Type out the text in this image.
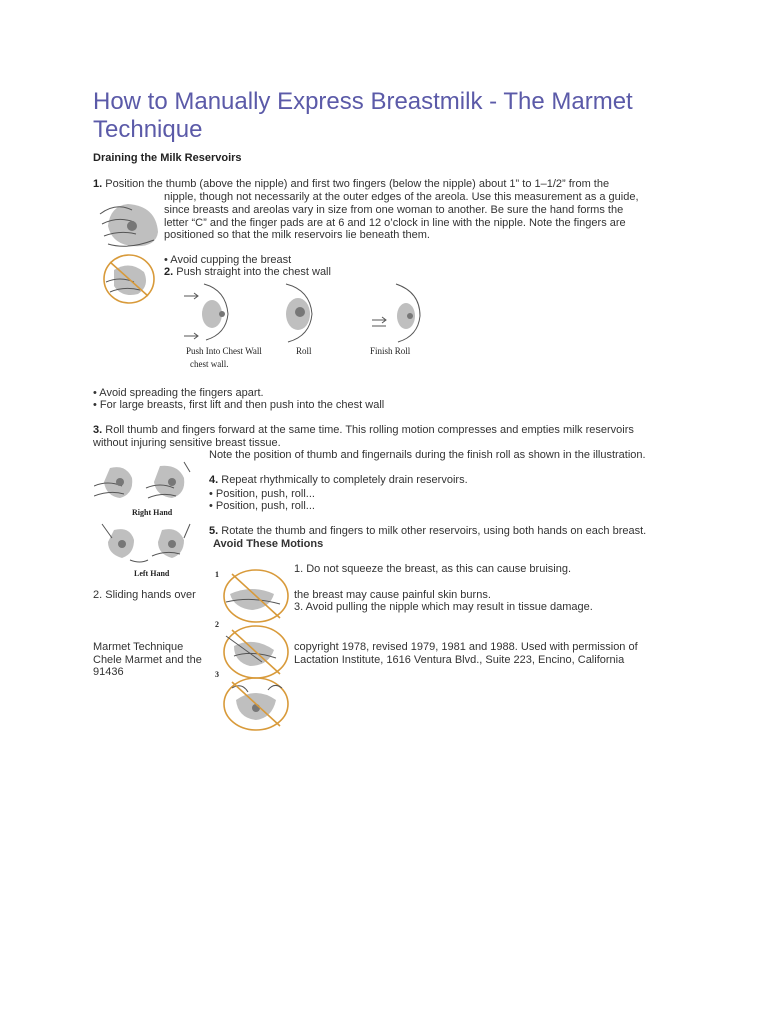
How to Manually Express Breastmilk - The Marmet Technique
Draining the Milk Reservoirs
1. Position the thumb (above the nipple) and first two fingers (below the nipple) about 1” to 1–1/2” from the
nipple, though not necessarily at the outer edges of the areola. Use this measurement as a guide,
since breasts and areolas vary in size from one woman to another. Be sure the hand forms the
letter “C” and the finger pads are at 6 and 12 o’clock in line with the nipple. Note the fingers are
positioned so that the milk reservoirs lie beneath them.
• Avoid cupping the breast
2. Push straight into the chest wall
Push Into Chest Wall
chest wall.
Roll	Finish Roll
• Avoid spreading the fingers apart.
• For large breasts, first lift and then push into the chest wall
3. Roll thumb and fingers forward at the same time. This rolling motion compresses and empties milk reservoirs
without injuring sensitive breast tissue.
Note the position of thumb and fingernails during the finish roll as shown in the illustration.
Right Hand
4. Repeat rhythmically to completely drain reservoirs.
• Position, push, roll...
• Position, push, roll...
Left Hand
5. Rotate the thumb and fingers to milk other reservoirs, using both hands on each breast.
Avoid These Motions
1
2
3
1. Do not squeeze the breast, as this can cause bruising.
2. Sliding hands over	the breast may cause painful skin burns.
3. Avoid pulling the nipple which may result in tissue damage.
Marmet Technique
Chele Marmet and the
91436
copyright 1978, revised 1979, 1981 and 1988. Used with permission of
Lactation Institute, 1616 Ventura Blvd., Suite 223, Encino, California
